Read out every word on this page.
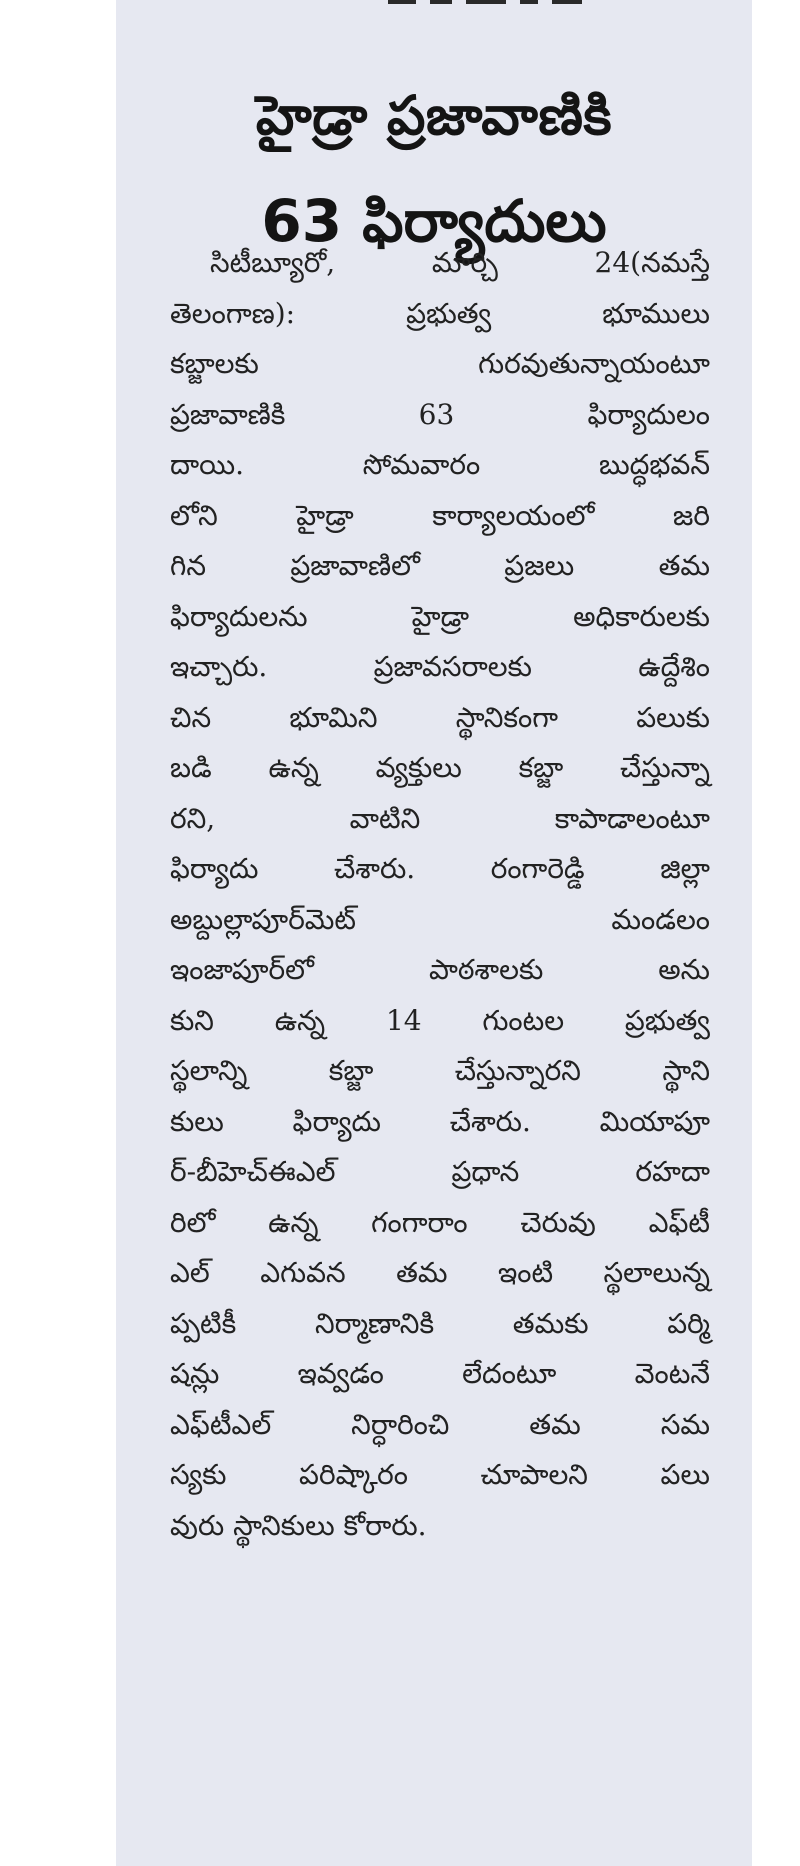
హైడ్రా ప్రజావాణికి
63 ఫిర్యాదులు
సిటీబ్యూరో, మార్చి 24(నమస్తే
తెలంగాణ): ప్రభుత్వ భూములు
కబ్జాలకు గురవుతున్నాయంటూ
ప్రజావాణికి 63 ఫిర్యాదులం
దాయి. సోమవారం బుద్ధభవన్
లోని హైడ్రా కార్యాలయంలో జరి
గిన ప్రజావాణిలో ప్రజలు తమ
ఫిర్యాదులను హైడ్రా అధికారులకు
ఇచ్చారు. ప్రజావసరాలకు ఉద్దేశిం
చిన భూమిని స్థానికంగా పలుకు
బడి ఉన్న వ్యక్తులు కబ్జా చేస్తున్నా
రని, వాటిని కాపాడాలంటూ
ఫిర్యాదు చేశారు. రంగారెడ్డి జిల్లా
అబ్దుల్లాపూర్‌మెట్ మండలం
ఇంజాపూర్‌లో పాఠశాలకు అను
కుని ఉన్న 14 గుంటల ప్రభుత్వ
స్థలాన్ని కబ్జా చేస్తున్నారని స్థాని
కులు ఫిర్యాదు చేశారు. మియాపూ
ర్-బీహెచ్ఈఎల్ ప్రధాన రహదా
రిలో ఉన్న గంగారాం చెరువు ఎఫ్‌టీ
ఎల్ ఎగువన తమ ఇంటి స్థలాలున్న
ప్పటికీ నిర్మాణానికి తమకు పర్మి
షన్లు ఇవ్వడం లేదంటూ వెంటనే
ఎఫ్‌టీఎల్ నిర్ధారించి తమ సమ
స్యకు పరిష్కారం చూపాలని పలు
వురు స్థానికులు కోరారు.
